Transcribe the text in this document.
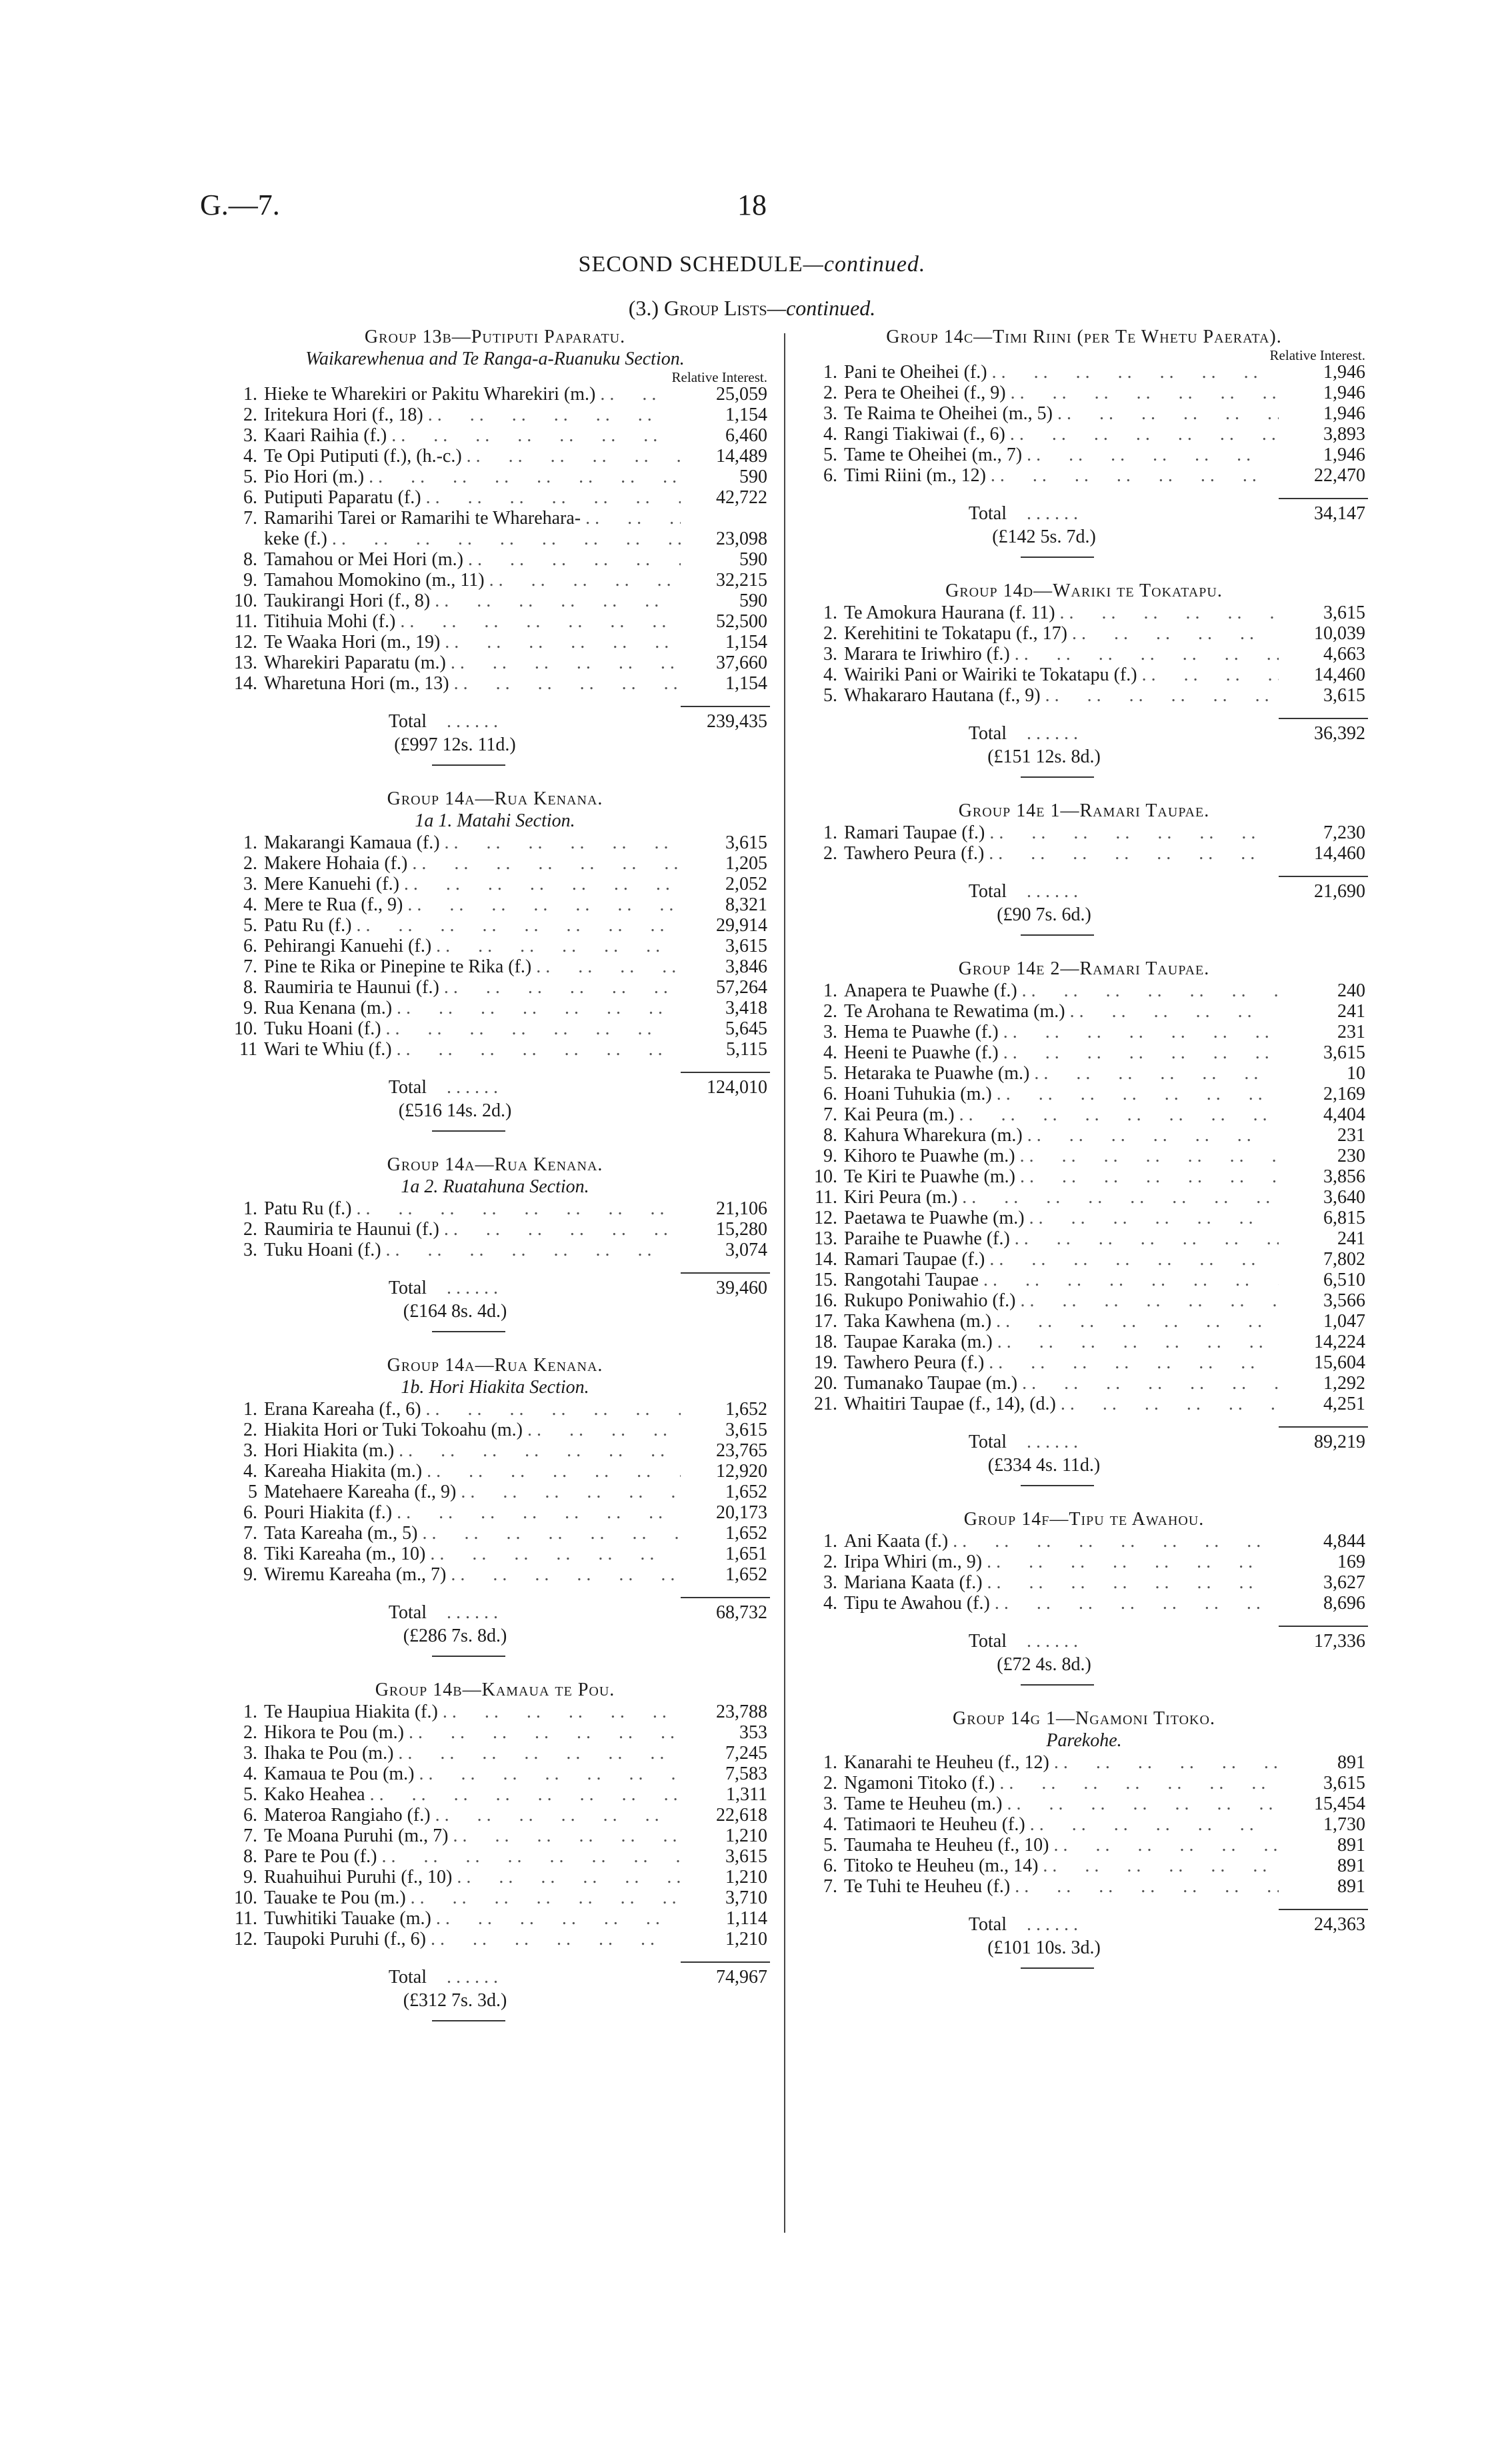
G.—7.	18
SECOND SCHEDULE—continued.
(3.) Group Lists—continued.
Group 13b—Putiputi Paparatu.
Waikarewhenua and Te Ranga-a-Ruanuku Section.
Relative Interest.
1. Hieke te Wharekiri or Pakitu Wharekiri (m.) . .	25,059
2. Iritekura Hori (f., 18) . .	1,154
3. Kaari Raihia (f.) . .	6,460
4. Te Opi Putiputi (f.), (h.-c.) . .	14,489
5. Pio Hori (m.) . .	590
6. Putiputi Paparatu (f.) . .	42,722
7. Ramarihi Tarei or Ramarihi te Wharehara- . .
keke (f.) . .	23,098
8. Tamahou or Mei Hori (m.) . .	590
9. Tamahou Momokino (m., 11) . .	32,215
10. Taukirangi Hori (f., 8) . .	590
11. Titihuia Mohi (f.) . .	52,500
12. Te Waaka Hori (m., 19) . .	1,154
13. Wharekiri Paparatu (m.) . .	37,660
14. Wharetuna Hori (m., 13) . .	1,154
Total	. . . . . .	239,435
(£997 12s. 11d.)
Group 14a—Rua Kenana.
1a 1. Matahi Section.
1. Makarangi Kamaua (f.) . .	3,615
2. Makere Hohaia (f.) . .	1,205
3. Mere Kanuehi (f.) . .	2,052
4. Mere te Rua (f., 9) . .	8,321
5. Patu Ru (f.) . .	29,914
6. Pehirangi Kanuehi (f.) . .	3,615
7. Pine te Rika or Pinepine te Rika (f.) . .	3,846
8. Raumiria te Haunui (f.) . .	57,264
9. Rua Kenana (m.) . .	3,418
10. Tuku Hoani (f.) . .	5,645
11 Wari te Whiu (f.) . .	5,115
Total	. . . . . .	124,010
(£516 14s. 2d.)
Group 14a—Rua Kenana.
1a 2. Ruatahuna Section.
1. Patu Ru (f.) . .	21,106
2. Raumiria te Haunui (f.) . .	15,280
3. Tuku Hoani (f.) . .	3,074
Total	. . . . . .	39,460
(£164 8s. 4d.)
Group 14a—Rua Kenana.
1b. Hori Hiakita Section.
1. Erana Kareaha (f., 6) . .	1,652
2. Hiakita Hori or Tuki Tokoahu (m.) . .	3,615
3. Hori Hiakita (m.) . .	23,765
4. Kareaha Hiakita (m.) . .	12,920
5 Matehaere Kareaha (f., 9) . .	1,652
6. Pouri Hiakita (f.) . .	20,173
7. Tata Kareaha (m., 5) . .	1,652
8. Tiki Kareaha (m., 10) . .	1,651
9. Wiremu Kareaha (m., 7) . .	1,652
Total	. . . . . .	68,732
(£286 7s. 8d.)
Group 14b—Kamaua te Pou.
1. Te Haupiua Hiakita (f.) . .	23,788
2. Hikora te Pou (m.) . .	353
3. Ihaka te Pou (m.) . .	7,245
4. Kamaua te Pou (m.) . .	7,583
5. Kako Heahea . .	1,311
6. Materoa Rangiaho (f.) . .	22,618
7. Te Moana Puruhi (m., 7) . .	1,210
8. Pare te Pou (f.) . .	3,615
9. Ruahuihui Puruhi (f., 10) . .	1,210
10. Tauake te Pou (m.) . .	3,710
11. Tuwhitiki Tauake (m.) . .	1,114
12. Taupoki Puruhi (f., 6) . .	1,210
Total	. . . . . .	74,967
(£312 7s. 3d.)
Group 14c—Timi Riini (per Te Whetu Paerata).
Relative Interest.
1. Pani te Oheihei (f.) . .	1,946
2. Pera te Oheihei (f., 9) . .	1,946
3. Te Raima te Oheihei (m., 5) . .	1,946
4. Rangi Tiakiwai (f., 6) . .	3,893
5. Tame te Oheihei (m., 7) . .	1,946
6. Timi Riini (m., 12) . .	22,470
Total	. . . . . .	34,147
(£142 5s. 7d.)
Group 14d—Wariki te Tokatapu.
1. Te Amokura Haurana (f. 11) . .	3,615
2. Kerehitini te Tokatapu (f., 17) . .	10,039
3. Marara te Iriwhiro (f.) . .	4,663
4. Wairiki Pani or Wairiki te Tokatapu (f.) . .	14,460
5. Whakararo Hautana (f., 9) . .	3,615
Total	. . . . . .	36,392
(£151 12s. 8d.)
Group 14e 1—Ramari Taupae.
1. Ramari Taupae (f.) . .	7,230
2. Tawhero Peura (f.) . .	14,460
Total	. . . . . .	21,690
(£90 7s. 6d.)
Group 14e 2—Ramari Taupae.
1. Anapera te Puawhe (f.) . .	240
2. Te Arohana te Rewatima (m.) . .	241
3. Hema te Puawhe (f.) . .	231
4. Heeni te Puawhe (f.) . .	3,615
5. Hetaraka te Puawhe (m.) . .	10
6. Hoani Tuhukia (m.) . .	2,169
7. Kai Peura (m.) . .	4,404
8. Kahura Wharekura (m.) . .	231
9. Kihoro te Puawhe (m.) . .	230
10. Te Kiri te Puawhe (m.) . .	3,856
11. Kiri Peura (m.) . .	3,640
12. Paetawa te Puawhe (m.) . .	6,815
13. Paraihe te Puawhe (f.) . .	241
14. Ramari Taupae (f.) . .	7,802
15. Rangotahi Taupae . .	6,510
16. Rukupo Poniwahio (f.) . .	3,566
17. Taka Kawhena (m.) . .	1,047
18. Taupae Karaka (m.) . .	14,224
19. Tawhero Peura (f.) . .	15,604
20. Tumanako Taupae (m.) . .	1,292
21. Whaitiri Taupae (f., 14), (d.) . .	4,251
Total	. . . . . .	89,219
(£334 4s. 11d.)
Group 14f—Tipu te Awahou.
1. Ani Kaata (f.) . .	4,844
2. Iripa Whiri (m., 9) . .	169
3. Mariana Kaata (f.) . .	3,627
4. Tipu te Awahou (f.) . .	8,696
Total	. . . . . .	17,336
(£72 4s. 8d.)
Group 14g 1—Ngamoni Titoko.
Parekohe.
1. Kanarahi te Heuheu (f., 12) . .	891
2. Ngamoni Titoko (f.) . .	3,615
3. Tame te Heuheu (m.) . .	15,454
4. Tatimaori te Heuheu (f.) . .	1,730
5. Taumaha te Heuheu (f., 10) . .	891
6. Titoko te Heuheu (m., 14) . .	891
7. Te Tuhi te Heuheu (f.) . .	891
Total	. . . . . .	24,363
(£101 10s. 3d.)
